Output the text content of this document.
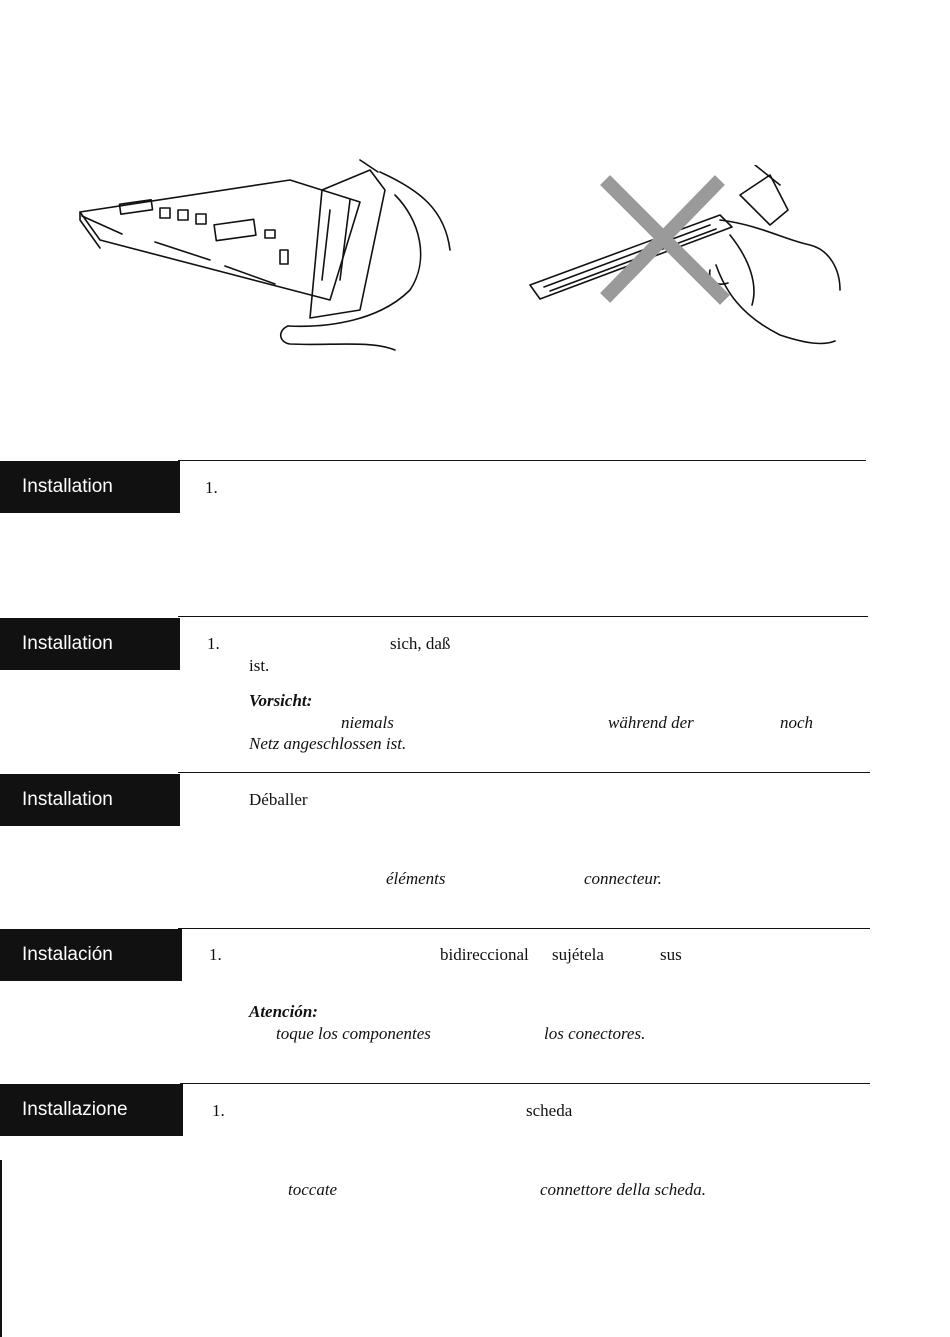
Installation	1.
Installation	1.	sich, daß
ist.
Vorsicht:
niemals	während der	noch
Netz angeschlossen ist.
Installation	Déballer
éléments	connecteur.
Instalación	1.	bidireccional sujétela	sus
Atención:
toque los componentes	los conectores.
Installazione	1.	scheda
toccate	connettore della scheda.
